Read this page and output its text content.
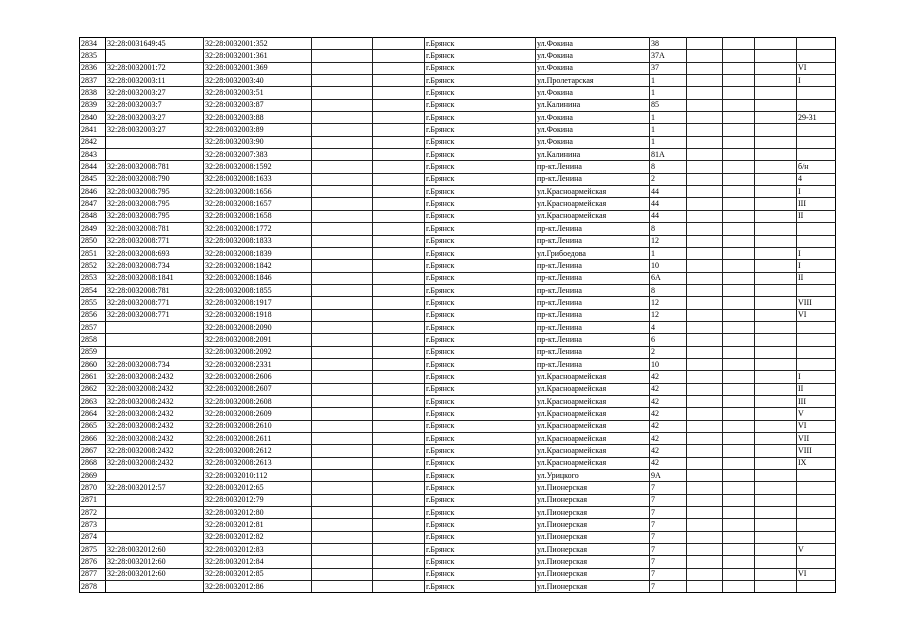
2834	32:28:0031649:45	32:28:0032001:352			г.Брянск	ул.Фокина	38				
2835		32:28:0032001:361			г.Брянск	ул.Фокина	37А				
2836	32:28:0032001:72	32:28:0032001:369			г.Брянск	ул.Фокина	37				VI
2837	32:28:0032003:11	32:28:0032003:40			г.Брянск	ул.Пролетарская	1				I
2838	32:28:0032003:27	32:28:0032003:51			г.Брянск	ул.Фокина	1				
2839	32:28:0032003:7	32:28:0032003:87			г.Брянск	ул.Калинина	85				
2840	32:28:0032003:27	32:28:0032003:88			г.Брянск	ул.Фокина	1				29-31
2841	32:28:0032003:27	32:28:0032003:89			г.Брянск	ул.Фокина	1				
2842		32:28:0032003:90			г.Брянск	ул.Фокина	1				
2843		32:28:0032007:383			г.Брянск	ул.Калинина	81А				
2844	32:28:0032008:781	32:28:0032008:1592			г.Брянск	пр-кт.Ленина	8				б/н
2845	32:28:0032008:790	32:28:0032008:1633			г.Брянск	пр-кт.Ленина	2				4
2846	32:28:0032008:795	32:28:0032008:1656			г.Брянск	ул.Красноармейская	44				I
2847	32:28:0032008:795	32:28:0032008:1657			г.Брянск	ул.Красноармейская	44				III
2848	32:28:0032008:795	32:28:0032008:1658			г.Брянск	ул.Красноармейская	44				II
2849	32:28:0032008:781	32:28:0032008:1772			г.Брянск	пр-кт.Ленина	8				
2850	32:28:0032008:771	32:28:0032008:1833			г.Брянск	пр-кт.Ленина	12				
2851	32:28:0032008:693	32:28:0032008:1839			г.Брянск	ул.Грибоедова	1				I
2852	32:28:0032008:734	32:28:0032008:1842			г.Брянск	пр-кт.Ленина	10				I
2853	32:28:0032008:1841	32:28:0032008:1846			г.Брянск	пр-кт.Ленина	6А				II
2854	32:28:0032008:781	32:28:0032008:1855			г.Брянск	пр-кт.Ленина	8				
2855	32:28:0032008:771	32:28:0032008:1917			г.Брянск	пр-кт.Ленина	12				VIII
2856	32:28:0032008:771	32:28:0032008:1918			г.Брянск	пр-кт.Ленина	12				VI
2857		32:28:0032008:2090			г.Брянск	пр-кт.Ленина	4				
2858		32:28:0032008:2091			г.Брянск	пр-кт.Ленина	6				
2859		32:28:0032008:2092			г.Брянск	пр-кт.Ленина	2				
2860	32:28:0032008:734	32:28:0032008:2331			г.Брянск	пр-кт.Ленина	10				
2861	32:28:0032008:2432	32:28:0032008:2606			г.Брянск	ул.Красноармейская	42				I
2862	32:28:0032008:2432	32:28:0032008:2607			г.Брянск	ул.Красноармейская	42				II
2863	32:28:0032008:2432	32:28:0032008:2608			г.Брянск	ул.Красноармейская	42				III
2864	32:28:0032008:2432	32:28:0032008:2609			г.Брянск	ул.Красноармейская	42				V
2865	32:28:0032008:2432	32:28:0032008:2610			г.Брянск	ул.Красноармейская	42				VI
2866	32:28:0032008:2432	32:28:0032008:2611			г.Брянск	ул.Красноармейская	42				VII
2867	32:28:0032008:2432	32:28:0032008:2612			г.Брянск	ул.Красноармейская	42				VIII
2868	32:28:0032008:2432	32:28:0032008:2613			г.Брянск	ул.Красноармейская	42				IX
2869		32:28:0032010:112			г.Брянск	ул.Урицкого	9А				
2870	32:28:0032012:57	32:28:0032012:65			г.Брянск	ул.Пионерская	7				
2871		32:28:0032012:79			г.Брянск	ул.Пионерская	7				
2872		32:28:0032012:80			г.Брянск	ул.Пионерская	7				
2873		32:28:0032012:81			г.Брянск	ул.Пионерская	7				
2874		32:28:0032012:82			г.Брянск	ул.Пионерская	7				
2875	32:28:0032012:60	32:28:0032012:83			г.Брянск	ул.Пионерская	7				V
2876	32:28:0032012:60	32:28:0032012:84			г.Брянск	ул.Пионерская	7				
2877	32:28:0032012:60	32:28:0032012:85			г.Брянск	ул.Пионерская	7				VI
2878		32:28:0032012:86			г.Брянск	ул.Пионерская	7				
